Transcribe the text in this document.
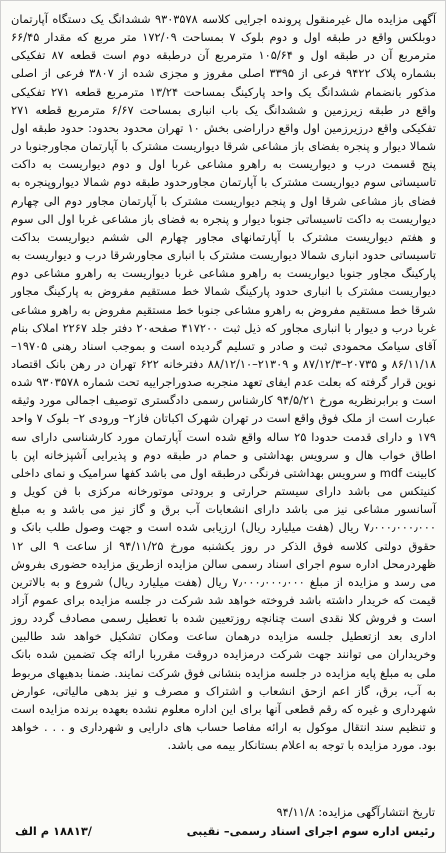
آگهی مزایده مال غیرمنقول پرونده اجرایی کلاسه ۹۳۰۳۵۷۸ ششدانگ یک دستگاه آپارتمان دوبلکس واقع در طبقه اول و دوم بلوک ۷ بمساحت ۱۷۲/۰۹ متر مربع که مقدار ۶۶/۴۵ مترمربع آن در طبقه اول و ۱۰۵/۶۴ مترمربع آن درطبقه دوم است قطعه ۸۷ تفکیکی بشماره پلاک ۹۴۲۲ فرعی از ۳۳۹۵ اصلی مفروز و مجزی شده از ۳۸۰۷ فرعی از اصلی مذکور بانضمام ششدانگ یک واحد پارکینگ بمساحت ۱۳/۲۴ مترمربع قطعه ۲۷۱ تفکیکی واقع در طبقه زیرزمین و ششدانگ یک باب انباری بمساحت ۶/۶۷ مترمربع قطعه ۲۷۱ تفکیکی واقع درزیرزمین اول واقع دراراضی بخش ۱۰ تهران محدود بحدود: حدود طبقه اول شمالا دیوار و پنجره بفضای باز مشاعی شرقا دیواریست مشترک با آپارتمان مجاورجنوبا در پنج قسمت درب و دیواریست به راهرو مشاعی غربا اول و دوم دیواریست به داکت تاسیساتی سوم دیواریست مشترک با آپارتمان مجاورحدود طبقه دوم شمالا دیواروپنجره به فضای باز مشاعی شرقا اول و پنجم دیواریست مشترک با آپارتمان مجاور دوم الی چهارم دیواریست به داکت تاسیساتی جنوبا دیوار و پنجره به فضای باز مشاعی غربا اول الی سوم و هفتم دیواریست مشترک با آپارتمانهای مجاور چهارم الی ششم دیواریست بداکت تاسیساتی حدود انباری شمالا دیواریست مشترک با انباری مجاورشرقا درب و دیواریست به پارکینگ مجاور جنوبا دیواریست به راهرو مشاعی غربا دیواریست به راهرو مشاعی دوم دیواریست مشترک با انباری حدود پارکینگ شمالا خط مستقیم مفروض به پارکینگ مجاور شرقا خط مستقیم مفروض به راهرو مشاعی جنوبا خط مستقیم مفروض به راهرو مشاعی غربا درب و دیوار با انباری مجاور که ذیل ثبت ۴۱۷۲۰۰ صفحه۲۰ دفتر جلد ۲۲۶۷ املاک بنام آقای سیامک محمودی ثبت و صادر و تسلیم گردیده است و بموجب اسناد رهنی ۱۹۷۰۵–۸۶/۱۱/۱۸ و ۲۰۷۳۵–۸۷/۱۲/۳ و ۲۱۳۰۹–۸۸/۱۲/۱۰ دفترخانه ۶۲۲ تهران در رهن بانک اقتصاد نوین قرار گرفته که بعلت عدم ایفای تعهد منجربه صدوراجراییه تحت شماره ۹۳۰۳۵۷۸ شده است و برابرنظریه مورخ ۹۴/۵/۲۱ کارشناس رسمی دادگستری توصیف اجمالی مورد وثیقه عبارت است از ملک فوق واقع است در تهران شهرک اکباتان فاز۲– ورودی ۲– بلوک ۷ واحد ۱۷۹ و دارای قدمت حدودا ۲۵ ساله واقع شده است آپارتمان مورد کارشناسی دارای سه اطاق خواب هال و سرویس بهداشتی و حمام در طبقه دوم و پذیرایی آشپزخانه اپن با کابینت mdf و سرویس بهداشتی فرنگی درطبقه اول می باشد کفها سرامیک و نمای داخلی کنیتکس می باشد دارای سیستم حرارتی و برودتی موتورخانه مرکزی با فن کویل و آسانسور مشاعی نیز می باشد دارای انشعابات آب برق و گاز نیز می باشد و به مبلغ ۷٫۰۰۰٫۰۰۰٫۰۰۰ ریال (هفت میلیارد ریال) ارزیابی شده است و جهت وصول طلب بانک و حقوق دولتی کلاسه فوق الذکر در روز یکشنبه مورخ ۹۴/۱۱/۲۵ از ساعت ۹ الی ۱۲ ظهردرمحل اداره سوم اجرای اسناد رسمی سالن مزایده ازطریق مزایده حضوری بفروش می رسد و مزایده از مبلغ ۷٫۰۰۰٫۰۰۰٫۰۰۰ ریال (هفت میلیارد ریال) شروع و به بالاترین قیمت که خریدار داشته باشد فروخته خواهد شد شرکت در جلسه مزایده برای عموم آزاد است و فروش کلا نقدی است چنانچه روزتعیین شده با تعطیل رسمی مصادف گردد روز اداری بعد ازتعطیل جلسه مزایده درهمان ساعت ومکان تشکیل خواهد شد طالبین وخریداران می توانند جهت شرکت درمزایده دروقت مقرربا ارائه چک تضمین شده بانک ملی به مبلغ پایه مزایده در جلسه مزایده بنشانی فوق شرکت نمایند. ضمنا بدهیهای مربوط به آب، برق، گاز اعم ازحق انشعاب و اشتراک و مصرف و نیز بدهی مالیاتی، عوارض شهرداری و غیره که رقم قطعی آنها برای این اداره معلوم نشده بعهده برنده مزایده است و تنظیم سند انتقال موکول به ارائه مفاصا حساب های دارایی و شهرداری و . . . خواهد بود. مورد مزایده با توجه به اعلام بستانکار بیمه می باشد.

تاریخ انتشارآگهی مزایده: ۹۴/۱۱/۸
رئیس اداره سوم اجرای اسناد رسمی– نقیبی
/۱۸۸۱۳ م الف
